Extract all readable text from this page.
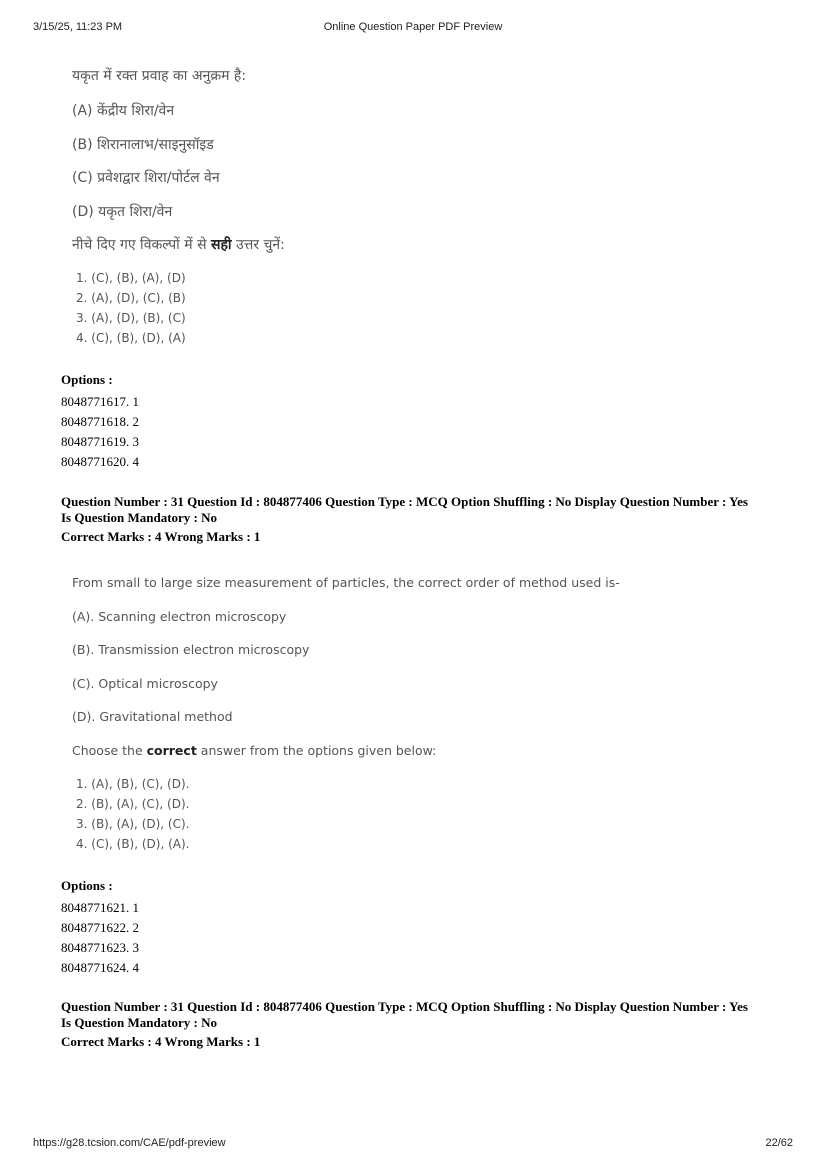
3/15/25, 11:23 PM	Online Question Paper PDF Preview
यकृत में रक्त प्रवाह का अनुक्रम है:
(A) केंद्रीय शिरा/वेन
(B) शिरानालाभ/साइनुसॉइड
(C) प्रवेशद्वार शिरा/पोर्टल वेन
(D) यकृत शिरा/वेन
नीचे दिए गए विकल्पों में से सही उत्तर चुनें:
1. (C), (B), (A), (D)
2. (A), (D), (C), (B)
3. (A), (D), (B), (C)
4. (C), (B), (D), (A)
Options :
8048771617. 1
8048771618. 2
8048771619. 3
8048771620. 4
Question Number : 31 Question Id : 804877406 Question Type : MCQ Option Shuffling : No Display Question Number : Yes
Is Question Mandatory : No
Correct Marks : 4 Wrong Marks : 1
From small to large size measurement of particles, the correct order of method used is-
(A). Scanning electron microscopy
(B). Transmission electron microscopy
(C). Optical microscopy
(D). Gravitational method
Choose the correct answer from the options given below:
1. (A), (B), (C), (D).
2. (B), (A), (C), (D).
3. (B), (A), (D), (C).
4. (C), (B), (D), (A).
Options :
8048771621. 1
8048771622. 2
8048771623. 3
8048771624. 4
Question Number : 31 Question Id : 804877406 Question Type : MCQ Option Shuffling : No Display Question Number : Yes
Is Question Mandatory : No
Correct Marks : 4 Wrong Marks : 1
https://g28.tcsion.com/CAE/pdf-preview	22/62
